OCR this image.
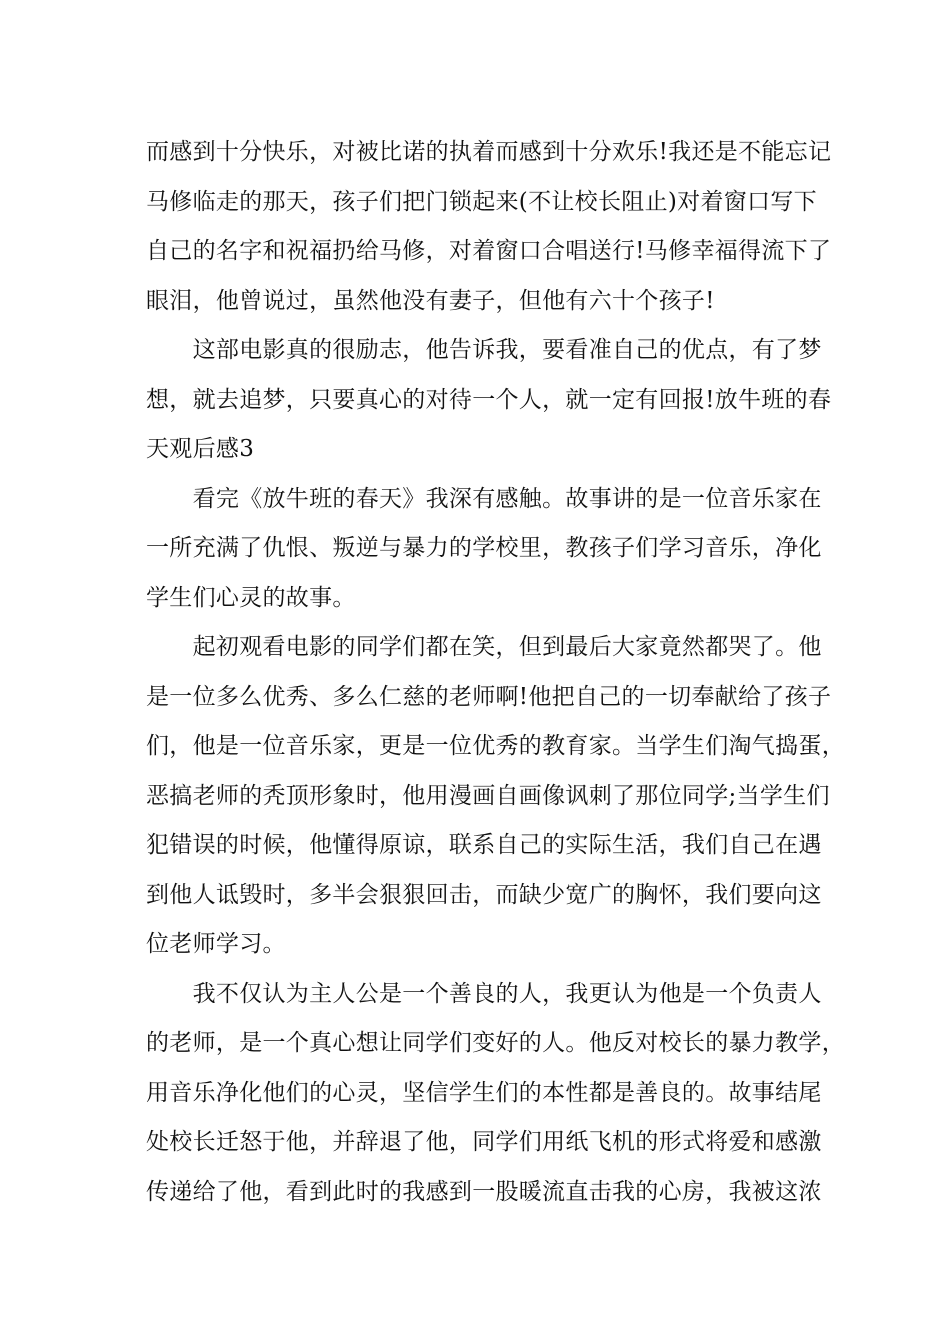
而感到十分快乐，对被比诺的执着而感到十分欢乐!我还是不能忘记
马修临走的那天，孩子们把门锁起来(不让校长阻止)对着窗口写下
自己的名字和祝福扔给马修，对着窗口合唱送行!马修幸福得流下了
眼泪，他曾说过，虽然他没有妻子，但他有六十个孩子!
　　这部电影真的很励志，他告诉我，要看准自己的优点，有了梦
想，就去追梦，只要真心的对待一个人，就一定有回报!放牛班的春
天观后感3
　　看完《放牛班的春天》我深有感触。故事讲的是一位音乐家在
一所充满了仇恨、叛逆与暴力的学校里，教孩子们学习音乐，净化
学生们心灵的故事。
　　起初观看电影的同学们都在笑，但到最后大家竟然都哭了。他
是一位多么优秀、多么仁慈的老师啊!他把自己的一切奉献给了孩子
们，他是一位音乐家，更是一位优秀的教育家。当学生们淘气捣蛋，
恶搞老师的秃顶形象时，他用漫画自画像讽刺了那位同学;当学生们
犯错误的时候，他懂得原谅，联系自己的实际生活，我们自己在遇
到他人诋毁时，多半会狠狠回击，而缺少宽广的胸怀，我们要向这
位老师学习。
　　我不仅认为主人公是一个善良的人，我更认为他是一个负责人
的老师，是一个真心想让同学们变好的人。他反对校长的暴力教学，
用音乐净化他们的心灵，坚信学生们的本性都是善良的。故事结尾
处校长迁怒于他，并辞退了他，同学们用纸飞机的形式将爱和感激
传递给了他，看到此时的我感到一股暖流直击我的心房，我被这浓
